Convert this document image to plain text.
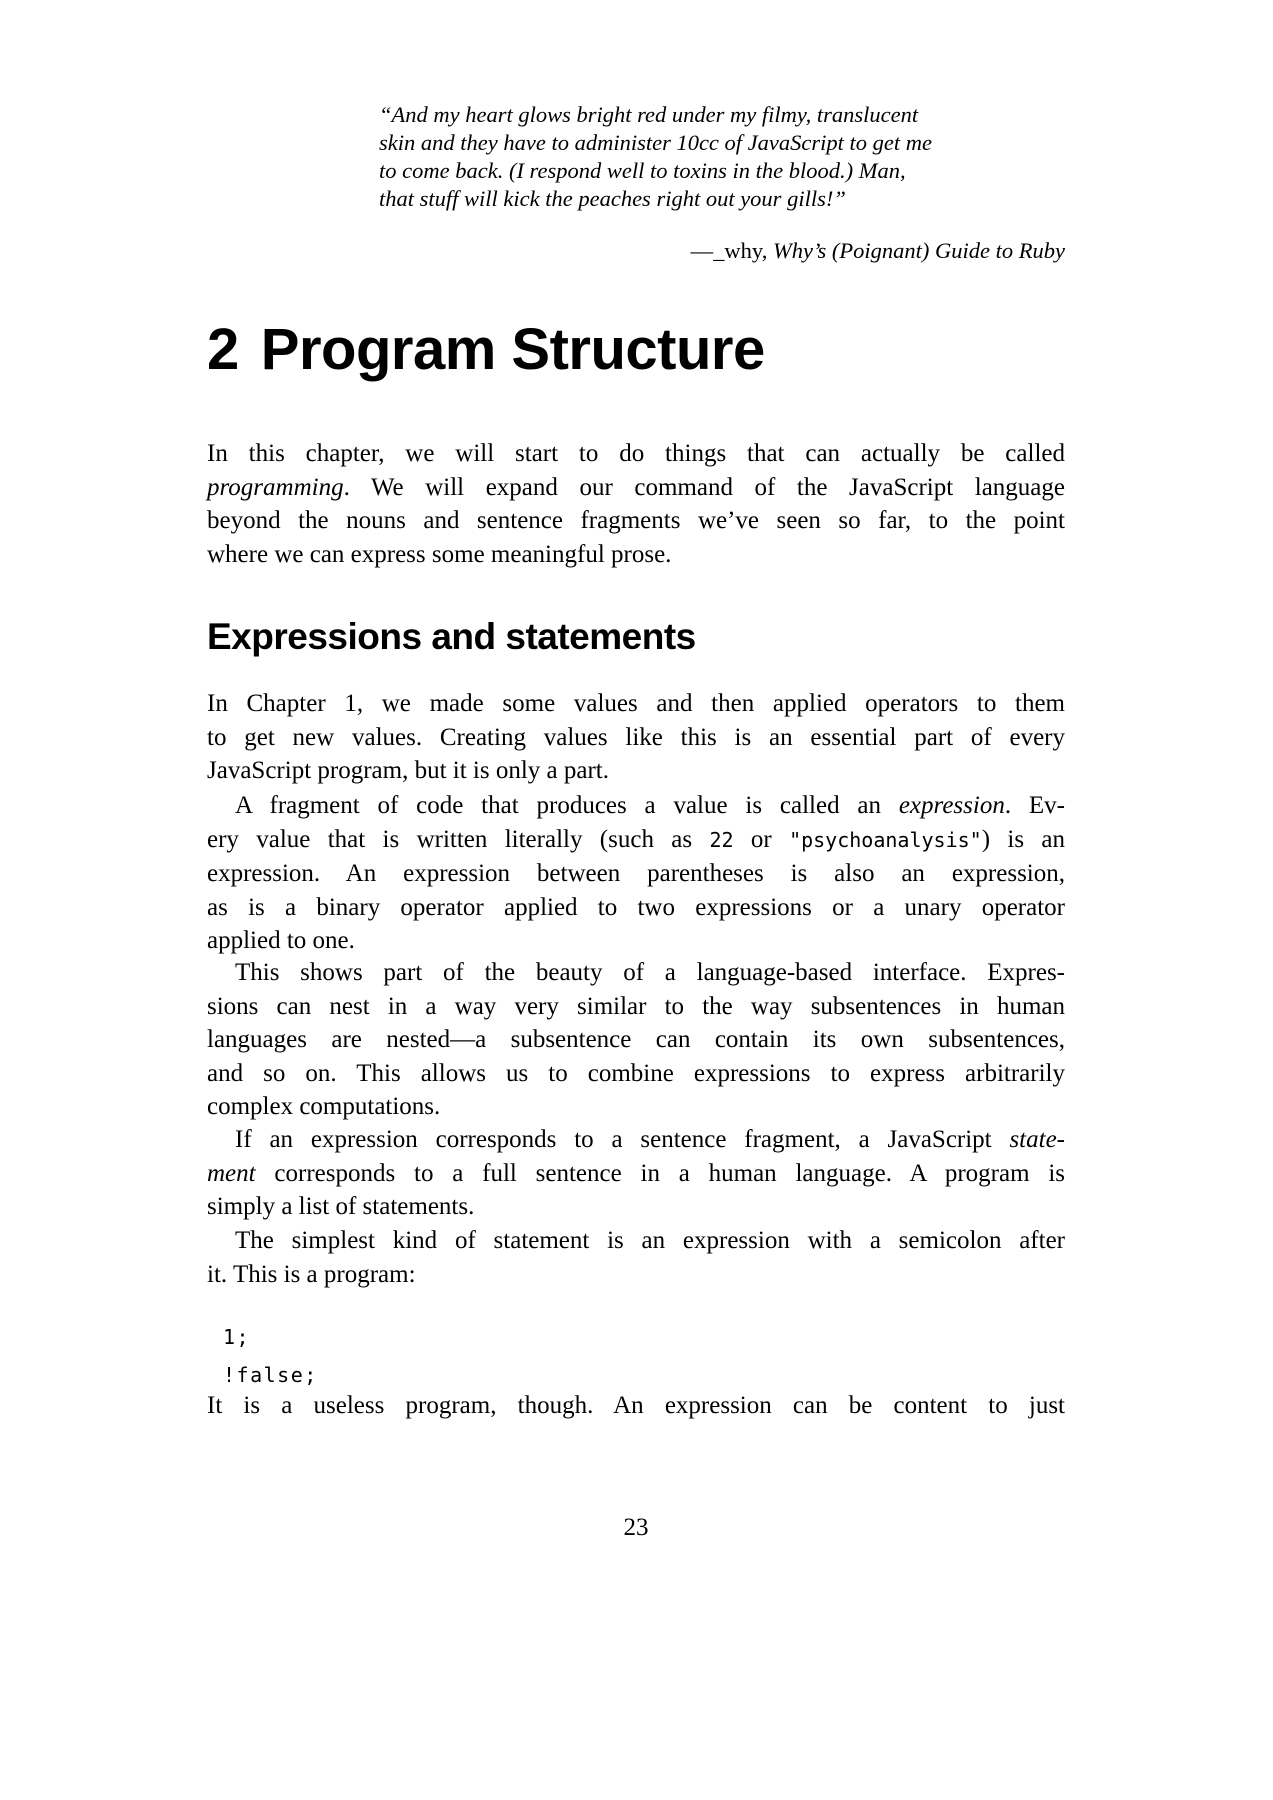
“And my heart glows bright red under my filmy, translucent
skin and they have to administer 10cc of JavaScript to get me
to come back. (I respond well to toxins in the blood.) Man,
that stuff will kick the peaches right out your gills!”
—_why, Why’s (Poignant) Guide to Ruby
2 Program Structure
Expressions and statements
In this chapter, we will start to do things that can actually be called
programming. We will expand our command of the JavaScript language
beyond the nouns and sentence fragments we’ve seen so far, to the point
where we can express some meaningful prose.
In Chapter 1, we made some values and then applied operators to them
to get new values. Creating values like this is an essential part of every
JavaScript program, but it is only a part.
A fragment of code that produces a value is called an expression. Ev-
ery value that is written literally (such as 22 or "psychoanalysis") is an
expression. An expression between parentheses is also an expression,
as is a binary operator applied to two expressions or a unary operator
applied to one.
This shows part of the beauty of a language-based interface. Expres-
sions can nest in a way very similar to the way subsentences in human
languages are nested—a subsentence can contain its own subsentences,
and so on. This allows us to combine expressions to express arbitrarily
complex computations.
If an expression corresponds to a sentence fragment, a JavaScript state-
ment corresponds to a full sentence in a human language. A program is
simply a list of statements.
The simplest kind of statement is an expression with a semicolon after
it. This is a program:
It is a useless program, though. An expression can be content to just
1;
!false;
23
